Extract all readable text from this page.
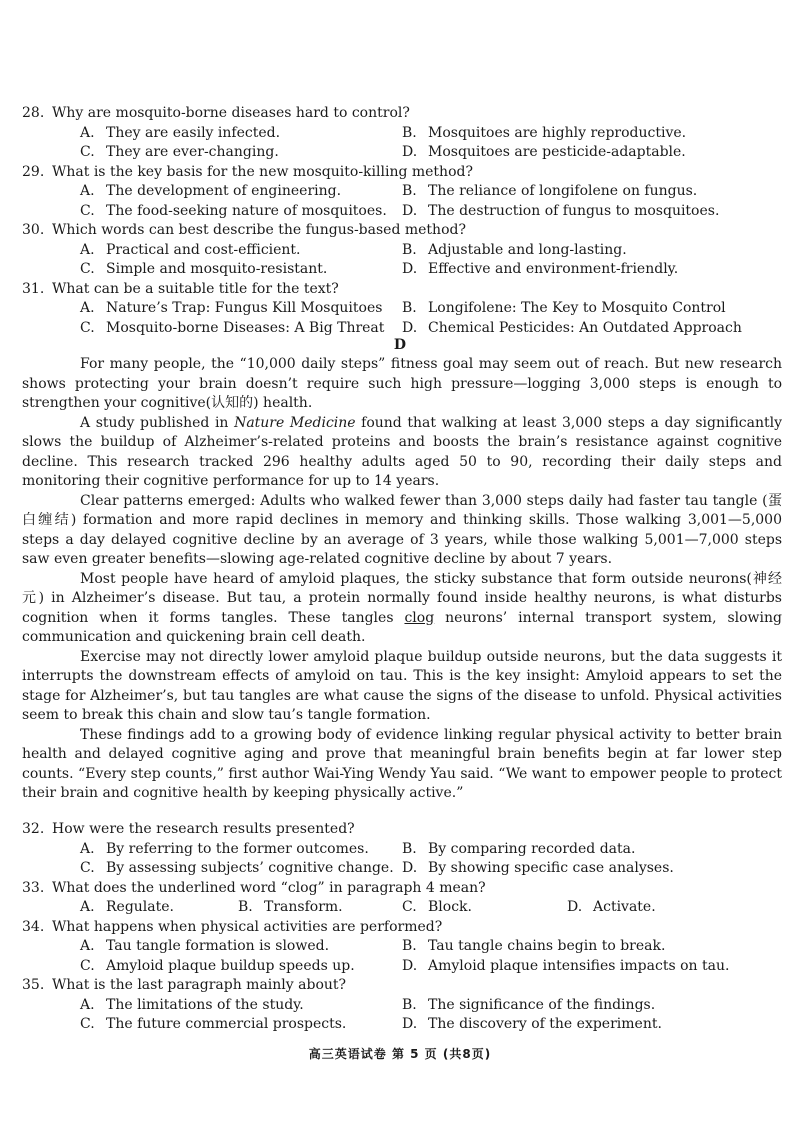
28. Why are mosquito-borne diseases hard to control?
A. They are easily infected.	B. Mosquitoes are highly reproductive.
C. They are ever-changing.	D. Mosquitoes are pesticide-adaptable.
29. What is the key basis for the new mosquito-killing method?
A. The development of engineering.	B. The reliance of longifolene on fungus.
C. The food-seeking nature of mosquitoes. D. The destruction of fungus to mosquitoes.
30. Which words can best describe the fungus-based method?
A. Practical and cost-efficient.	B. Adjustable and long-lasting.
C. Simple and mosquito-resistant.	D. Effective and environment-friendly.
31. What can be a suitable title for the text?
A. Nature’s Trap: Fungus Kill Mosquitoes B. Longifolene: The Key to Mosquito Control
C. Mosquito-borne Diseases: A Big Threat D. Chemical Pesticides: An Outdated Approach
D

For many people, the “10,000 daily steps” fitness goal may seem out of reach. But new research shows protecting your brain doesn’t require such high pressure—logging 3,000 steps is enough to strengthen your cognitive(认知的) health.

A study published in Nature Medicine found that walking at least 3,000 steps a day significantly slows the buildup of Alzheimer’s-related proteins and boosts the brain’s resistance against cognitive decline. This research tracked 296 healthy adults aged 50 to 90, recording their daily steps and monitoring their cognitive performance for up to 14 years.

Clear patterns emerged: Adults who walked fewer than 3,000 steps daily had faster tau tangle (蛋白缠结) formation and more rapid declines in memory and thinking skills. Those walking 3,001—5,000 steps a day delayed cognitive decline by an average of 3 years, while those walking 5,001—7,000 steps saw even greater benefits—slowing age-related cognitive decline by about 7 years.

Most people have heard of amyloid plaques, the sticky substance that form outside neurons(神经元) in Alzheimer’s disease. But tau, a protein normally found inside healthy neurons, is what disturbs cognition when it forms tangles. These tangles clog neurons’ internal transport system, slowing communication and quickening brain cell death.

Exercise may not directly lower amyloid plaque buildup outside neurons, but the data suggests it interrupts the downstream effects of amyloid on tau. This is the key insight: Amyloid appears to set the stage for Alzheimer’s, but tau tangles are what cause the signs of the disease to unfold. Physical activities seem to break this chain and slow tau’s tangle formation.

These findings add to a growing body of evidence linking regular physical activity to better brain health and delayed cognitive aging and prove that meaningful brain benefits begin at far lower step counts. “Every step counts,” first author Wai-Ying Wendy Yau said. “We want to empower people to protect their brain and cognitive health by keeping physically active.”

32. How were the research results presented?
A. By referring to the former outcomes. B. By comparing recorded data.
C. By assessing subjects’ cognitive change. D. By showing specific case analyses.
33. What does the underlined word “clog” in paragraph 4 mean?
A. Regulate.	B. Transform.	C. Block.	D. Activate.
34. What happens when physical activities are performed?
A. Tau tangle formation is slowed.	B. Tau tangle chains begin to break.
C. Amyloid plaque buildup speeds up.	D. Amyloid plaque intensifies impacts on tau.
35. What is the last paragraph mainly about?
A. The limitations of the study.	B. The significance of the findings.
C. The future commercial prospects.	D. The discovery of the experiment.
高三英语试卷 第 5 页 (共8页)
